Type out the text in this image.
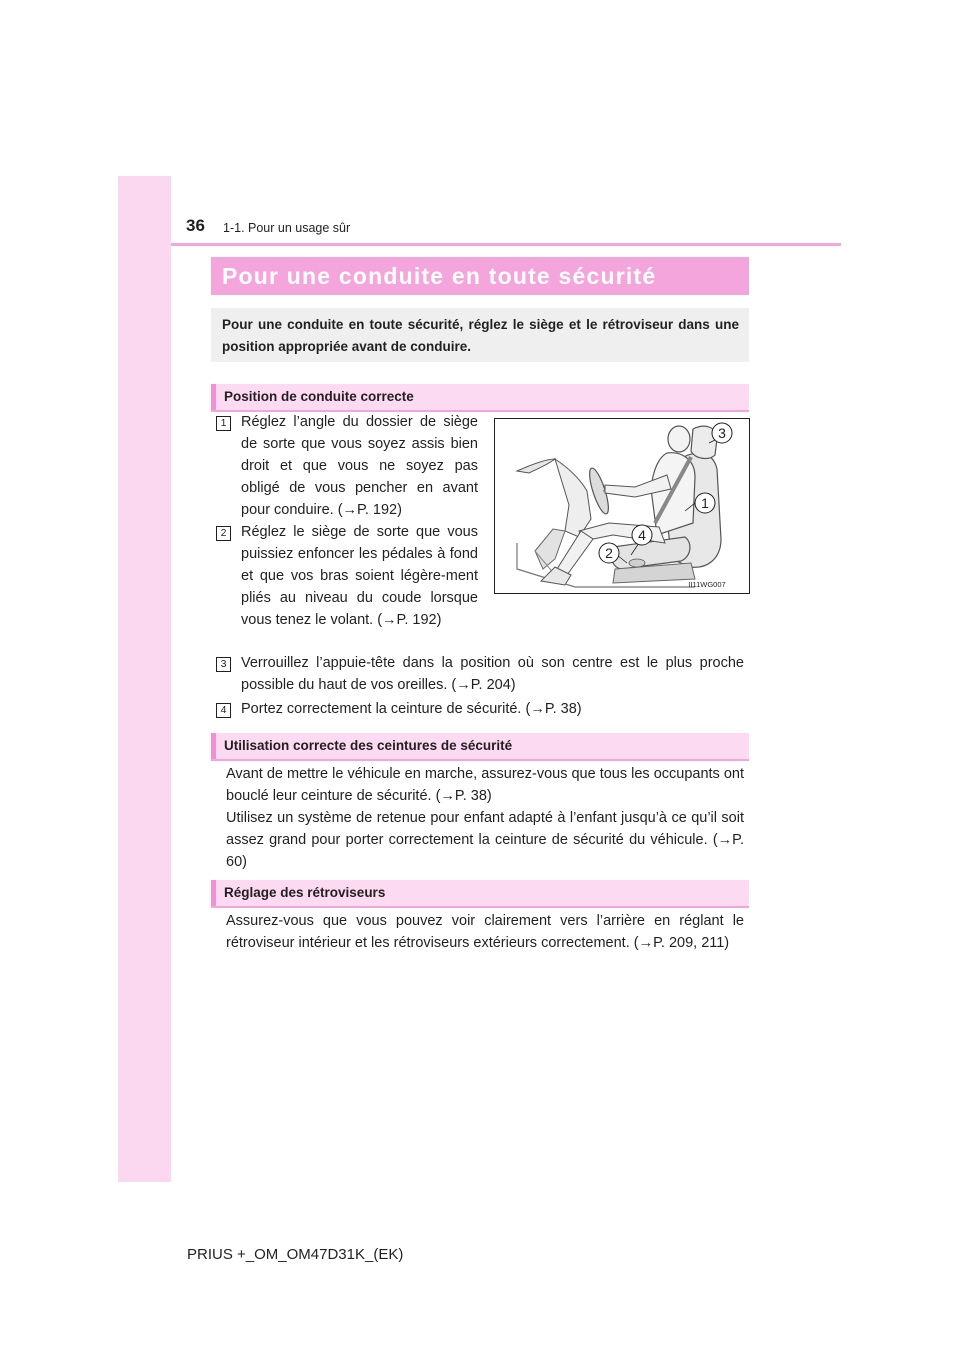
36 1-1. Pour un usage sûr
Pour une conduite en toute sécurité
Pour une conduite en toute sécurité, réglez le siège et le rétroviseur dans une position appropriée avant de conduire.
Position de conduite correcte
1	Réglez l’angle du dossier de siège de sorte que vous soyez assis bien droit et que vous ne soyez pas obligé de vous pencher en avant pour conduire. (→P. 192)
2	Réglez le siège de sorte que vous puissiez enfoncer les pédales à fond et que vos bras soient légère-ment pliés au niveau du coude lorsque vous tenez le volant. (→P. 192)
3	Verrouillez l’appuie-tête dans la position où son centre est le plus proche possible du haut de vos oreilles. (→P. 204)
4	Portez correctement la ceinture de sécurité. (→P. 38)
3
1
4
2
II11WG007
Utilisation correcte des ceintures de sécurité
Avant de mettre le véhicule en marche, assurez-vous que tous les occupants ont bouclé leur ceinture de sécurité. (→P. 38)
Utilisez un système de retenue pour enfant adapté à l’enfant jusqu’à ce qu’il soit assez grand pour porter correctement la ceinture de sécurité du véhicule. (→P. 60)
Réglage des rétroviseurs
Assurez-vous que vous pouvez voir clairement vers l’arrière en réglant le rétroviseur intérieur et les rétroviseurs extérieurs correctement. (→P. 209, 211)
PRIUS +_OM_OM47D31K_(EK)
